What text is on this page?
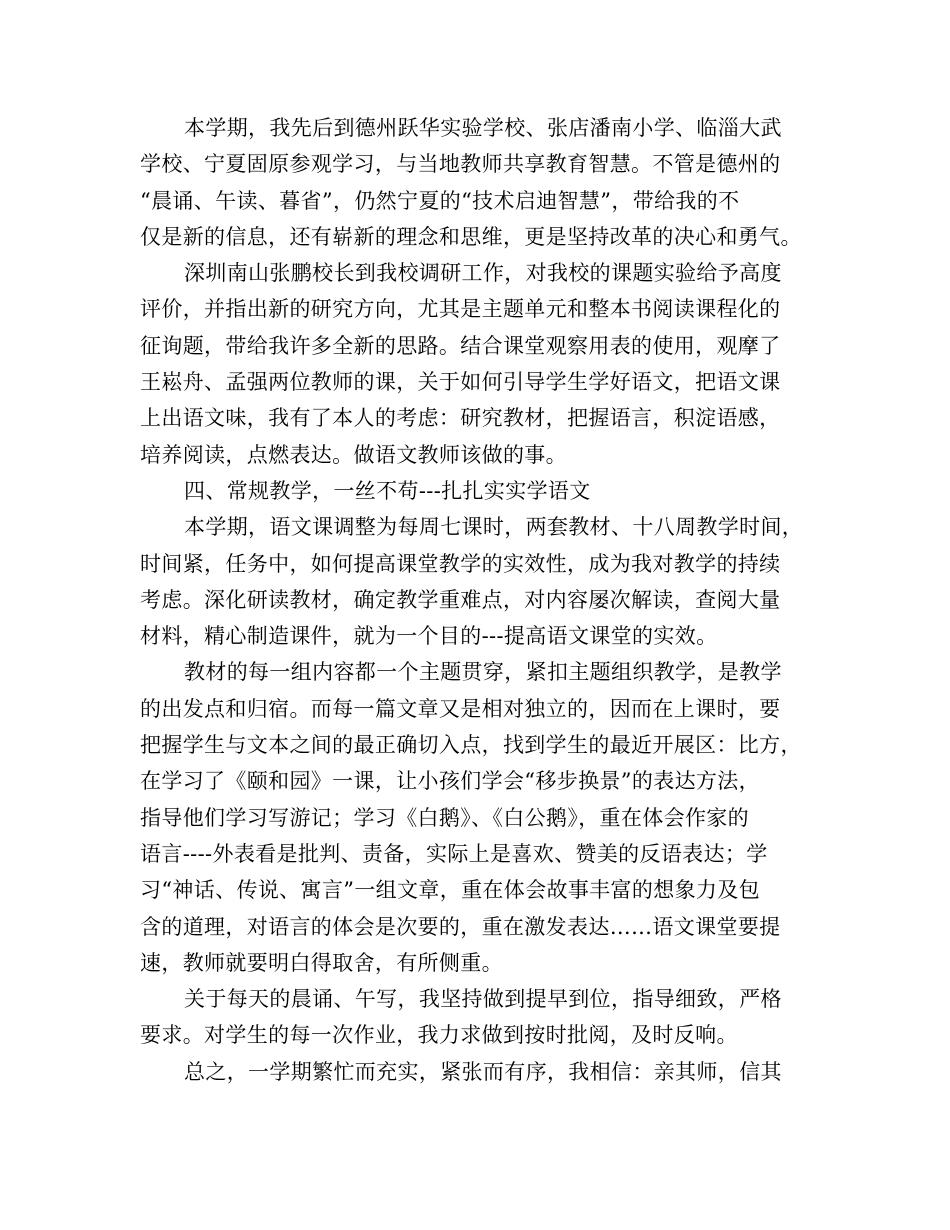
本学期，我先后到德州跃华实验学校、张店潘南小学、临淄大武
学校、宁夏固原参观学习，与当地教师共享教育智慧。不管是德州的
“晨诵、午读、暮省”，仍然宁夏的“技术启迪智慧”，带给我的不
仅是新的信息，还有崭新的理念和思维，更是坚持改革的决心和勇气。
深圳南山张鹏校长到我校调研工作，对我校的课题实验给予高度
评价，并指出新的研究方向，尤其是主题单元和整本书阅读课程化的
征询题，带给我许多全新的思路。结合课堂观察用表的使用，观摩了
王崧舟、孟强两位教师的课，关于如何引导学生学好语文，把语文课
上出语文味，我有了本人的考虑：研究教材，把握语言，积淀语感，
培养阅读，点燃表达。做语文教师该做的事。
四、常规教学，一丝不苟---扎扎实实学语文
本学期，语文课调整为每周七课时，两套教材、十八周教学时间，
时间紧，任务中，如何提高课堂教学的实效性，成为我对教学的持续
考虑。深化研读教材，确定教学重难点，对内容屡次解读，查阅大量
材料，精心制造课件，就为一个目的---提高语文课堂的实效。
教材的每一组内容都一个主题贯穿，紧扣主题组织教学，是教学
的出发点和归宿。而每一篇文章又是相对独立的，因而在上课时，要
把握学生与文本之间的最正确切入点，找到学生的最近开展区：比方，
在学习了《颐和园》一课，让小孩们学会“移步换景”的表达方法，
指导他们学习写游记；学习《白鹅》、《白公鹅》，重在体会作家的
语言----外表看是批判、责备，实际上是喜欢、赞美的反语表达；学
习“神话、传说、寓言”一组文章，重在体会故事丰富的想象力及包
含的道理，对语言的体会是次要的，重在激发表达……语文课堂要提
速，教师就要明白得取舍，有所侧重。
关于每天的晨诵、午写，我坚持做到提早到位，指导细致，严格
要求。对学生的每一次作业，我力求做到按时批阅，及时反响。
总之，一学期繁忙而充实，紧张而有序，我相信：亲其师，信其
